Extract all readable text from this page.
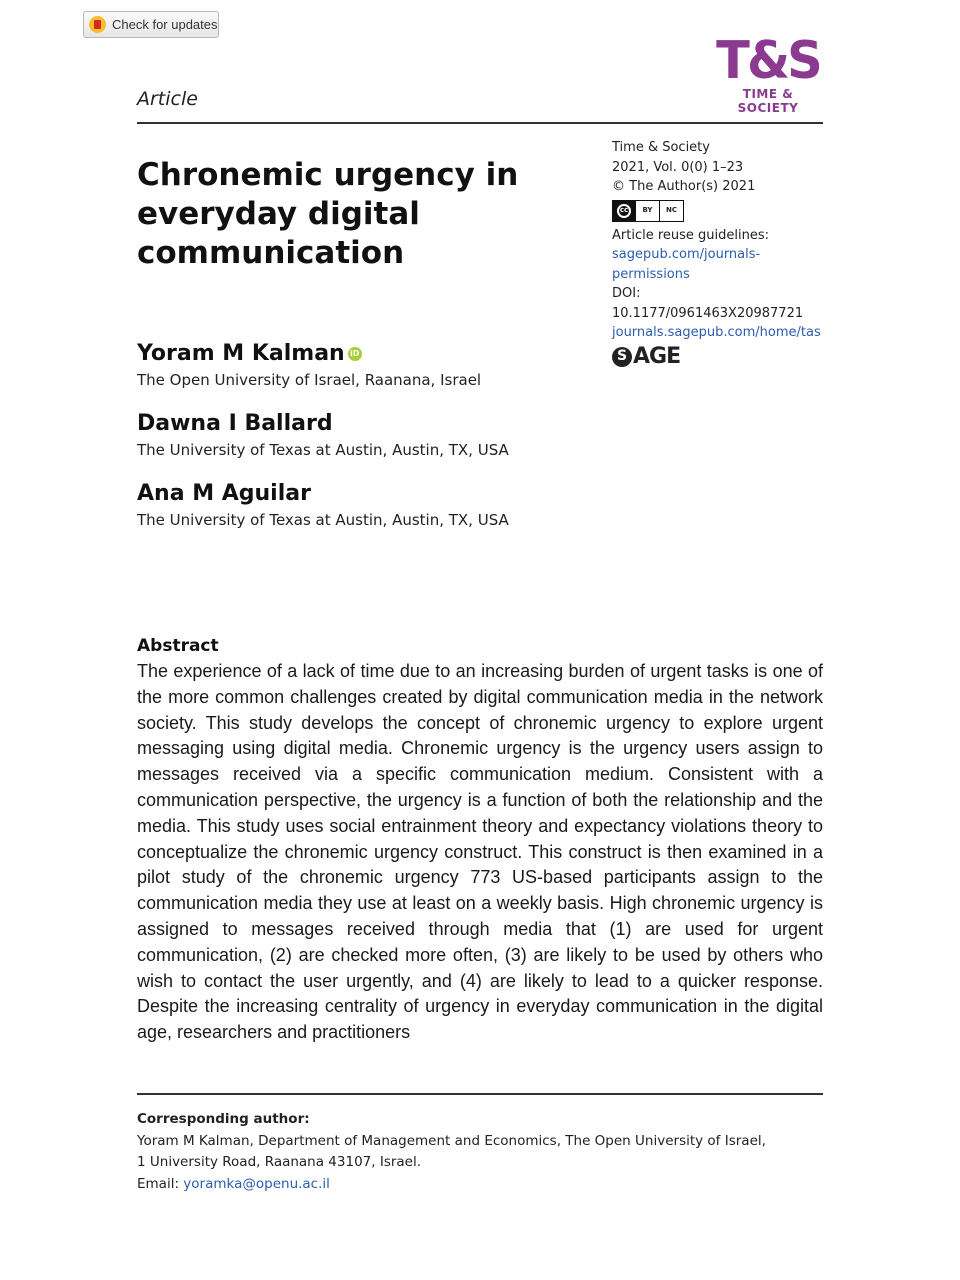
Check for updates
T&S
TIME & SOCIETY
Article
Chronemic urgency in everyday digital communication
Time & Society
2021, Vol. 0(0) 1–23
© The Author(s) 2021
cc	BY	NC
Article reuse guidelines:
sagepub.com/journals-permissions
DOI: 10.1177/0961463X20987721
journals.sagepub.com/home/tas
S AGE
Yoram M Kalman iD
The Open University of Israel, Raanana, Israel
Dawna I Ballard
The University of Texas at Austin, Austin, TX, USA
Ana M Aguilar
The University of Texas at Austin, Austin, TX, USA
Abstract
The experience of a lack of time due to an increasing burden of urgent tasks is one of the more common challenges created by digital communication media in the network society. This study develops the concept of chronemic urgency to explore urgent messaging using digital media. Chronemic urgency is the urgency users assign to messages received via a specific communication medium. Consistent with a communication perspective, the urgency is a function of both the relationship and the media. This study uses social entrainment theory and expectancy violations theory to conceptualize the chronemic urgency construct. This construct is then examined in a pilot study of the chronemic urgency 773 US-based participants assign to the communication media they use at least on a weekly basis. High chronemic urgency is assigned to messages received through media that (1) are used for urgent communication, (2) are checked more often, (3) are likely to be used by others who wish to contact the user urgently, and (4) are likely to lead to a quicker response. Despite the increasing centrality of urgency in everyday communication in the digital age, researchers and practitioners
Corresponding author:
Yoram M Kalman, Department of Management and Economics, The Open University of Israel,
1 University Road, Raanana 43107, Israel.
Email: yoramka@openu.ac.il
